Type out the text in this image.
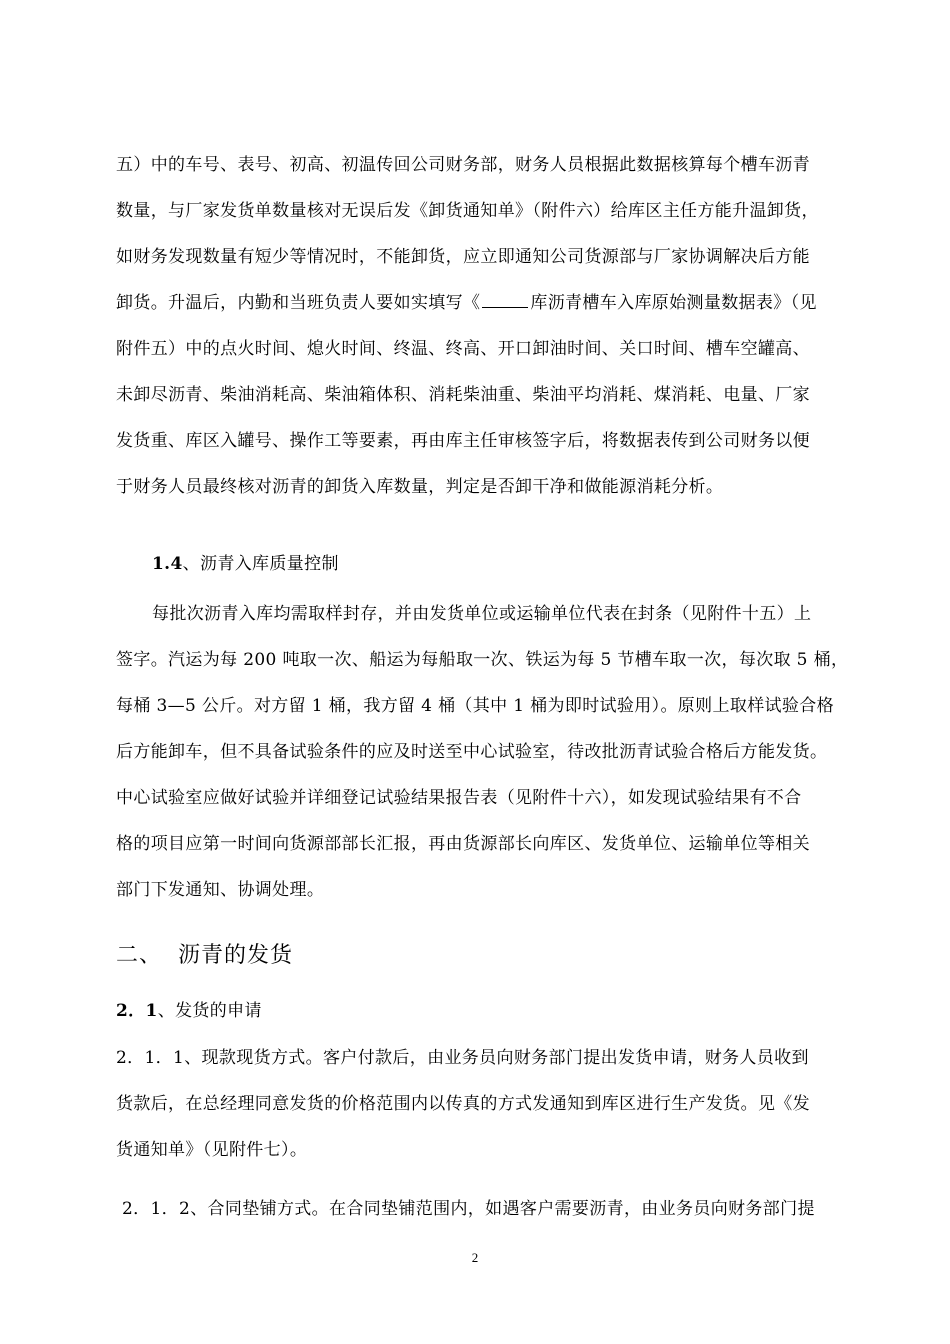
五）中的车号、表号、初高、初温传回公司财务部，财务人员根据此数据核算每个槽车沥青
数量，与厂家发货单数量核对无误后发《卸货通知单》（附件六）给库区主任方能升温卸货，
如财务发现数量有短少等情况时，不能卸货，应立即通知公司货源部与厂家协调解决后方能
卸货。升温后，内勤和当班负责人要如实填写《	库沥青槽车入库原始测量数据表》（见
附件五）中的点火时间、熄火时间、终温、终高、开口卸油时间、关口时间、槽车空罐高、
未卸尽沥青、柴油消耗高、柴油箱体积、消耗柴油重、柴油平均消耗、煤消耗、电量、厂家
发货重、库区入罐号、操作工等要素，再由库主任审核签字后，将数据表传到公司财务以便
于财务人员最终核对沥青的卸货入库数量，判定是否卸干净和做能源消耗分析。
1.4、沥青入库质量控制
每批次沥青入库均需取样封存，并由发货单位或运输单位代表在封条（见附件十五）上
签字。汽运为每 200 吨取一次、船运为每船取一次、铁运为每 5 节槽车取一次，每次取 5 桶，
每桶 3—5 公斤。对方留 1 桶，我方留 4 桶（其中 1 桶为即时试验用）。原则上取样试验合格
后方能卸车，但不具备试验条件的应及时送至中心试验室，待改批沥青试验合格后方能发货。
中心试验室应做好试验并详细登记试验结果报告表（见附件十六），如发现试验结果有不合
格的项目应第一时间向货源部部长汇报，再由货源部长向库区、发货单位、运输单位等相关
部门下发通知、协调处理。
二、 沥青的发货
2．1、发货的申请
2．1．1、现款现货方式。客户付款后，由业务员向财务部门提出发货申请，财务人员收到
货款后，在总经理同意发货的价格范围内以传真的方式发通知到库区进行生产发货。见《发
货通知单》（见附件七）。
2．1．2、合同垫铺方式。在合同垫铺范围内，如遇客户需要沥青，由业务员向财务部门提
2
